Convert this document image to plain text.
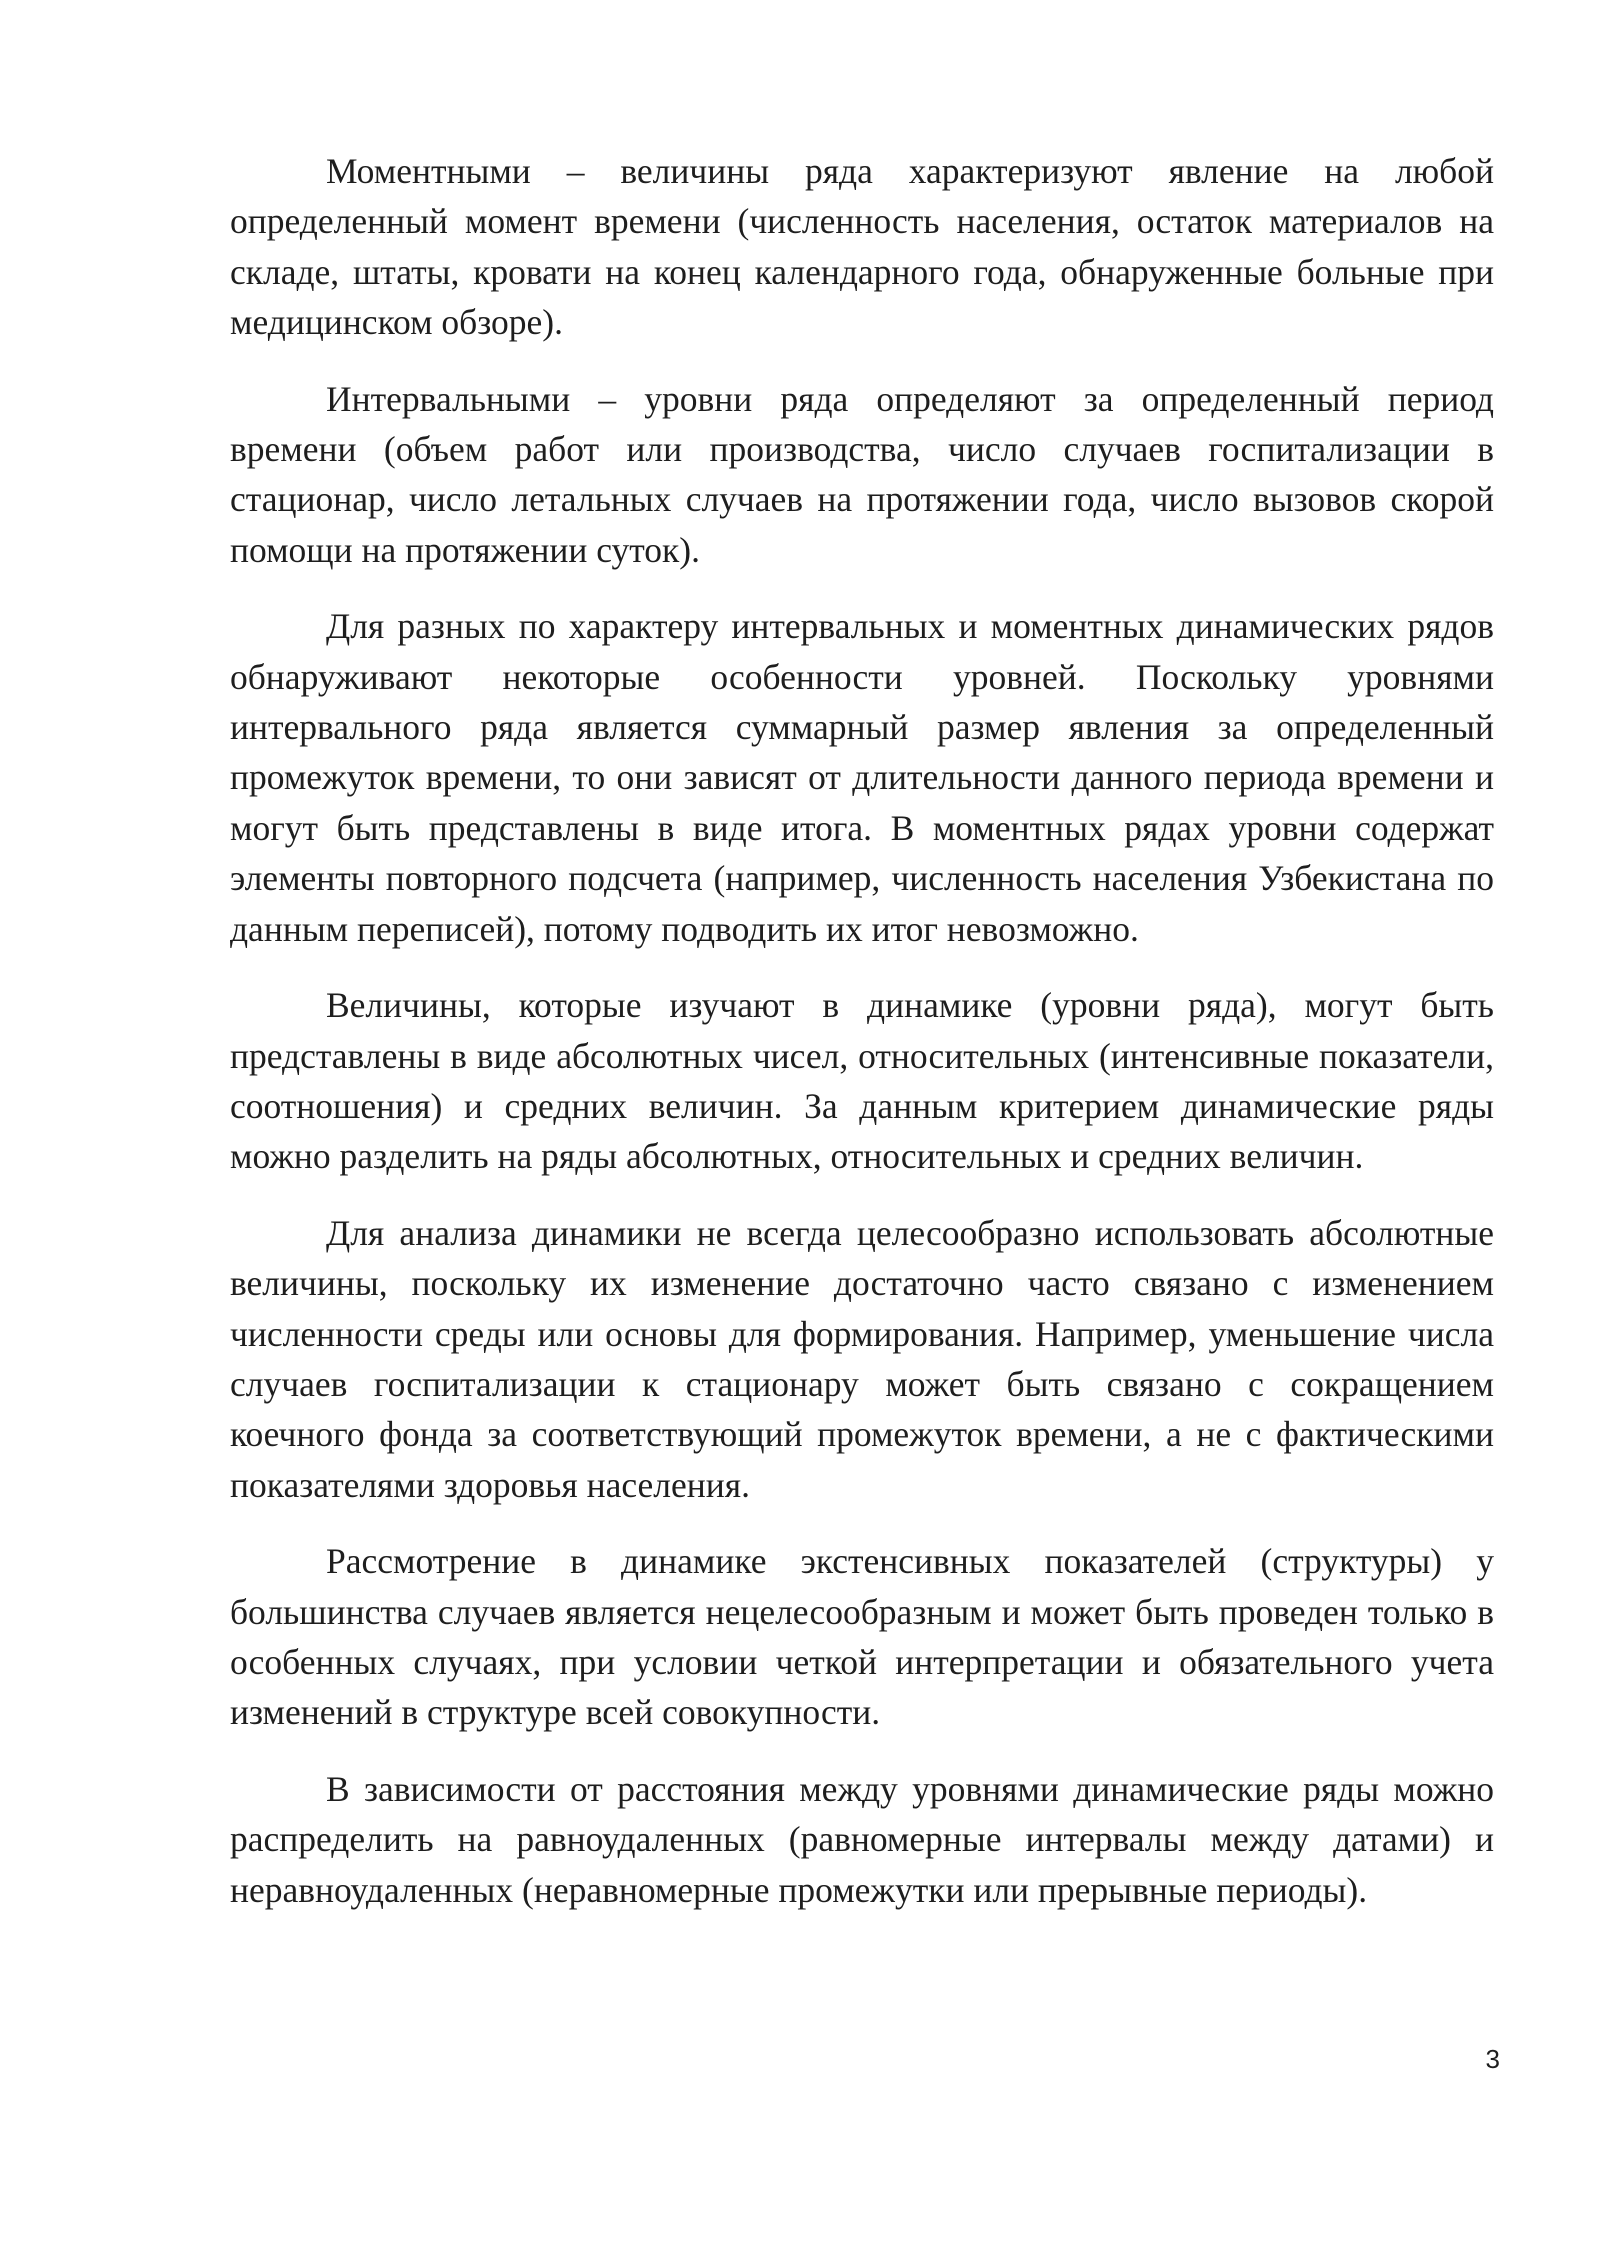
Моментными – величины ряда характеризуют явление на любой определенный момент времени (численность населения, остаток материалов на складе, штаты, кровати на конец календарного года, обнаруженные больные при медицинском обзоре).

Интервальными – уровни ряда определяют за определенный период времени (объем работ или производства, число случаев госпитализации в стационар, число летальных случаев на протяжении года, число вызовов скорой помощи на протяжении суток).

Для разных по характеру интервальных и моментных динамических рядов обнаруживают некоторые особенности уровней. Поскольку уровнями интервального ряда является суммарный размер явления за определенный промежуток времени, то они зависят от длительности данного периода времени и могут быть представлены в виде итога. В моментных рядах уровни содержат элементы повторного подсчета (например, численность населения Узбекистана по данным переписей), потому подводить их итог невозможно.

Величины, которые изучают в динамике (уровни ряда), могут быть представлены в виде абсолютных чисел, относительных (интенсивные показатели, соотношения) и средних величин. За данным критерием динамические ряды можно разделить на ряды абсолютных, относительных и средних величин.

Для анализа динамики не всегда целесообразно использовать абсолютные величины, поскольку их изменение достаточно часто связано с изменением численности среды или основы для формирования. Например, уменьшение числа случаев госпитализации к стационару может быть связано с сокращением коечного фонда за соответствующий промежуток времени, а не с фактическими показателями здоровья населения.

Рассмотрение в динамике экстенсивных показателей (структуры) у большинства случаев является нецелесообразным и может быть проведен только в особенных случаях, при условии четкой интерпретации и обязательного учета изменений в структуре всей совокупности.

В зависимости от расстояния между уровнями динамические ряды можно распределить на равноудаленных (равномерные интервалы между датами) и неравноудаленных (неравномерные промежутки или прерывные периоды).

3
